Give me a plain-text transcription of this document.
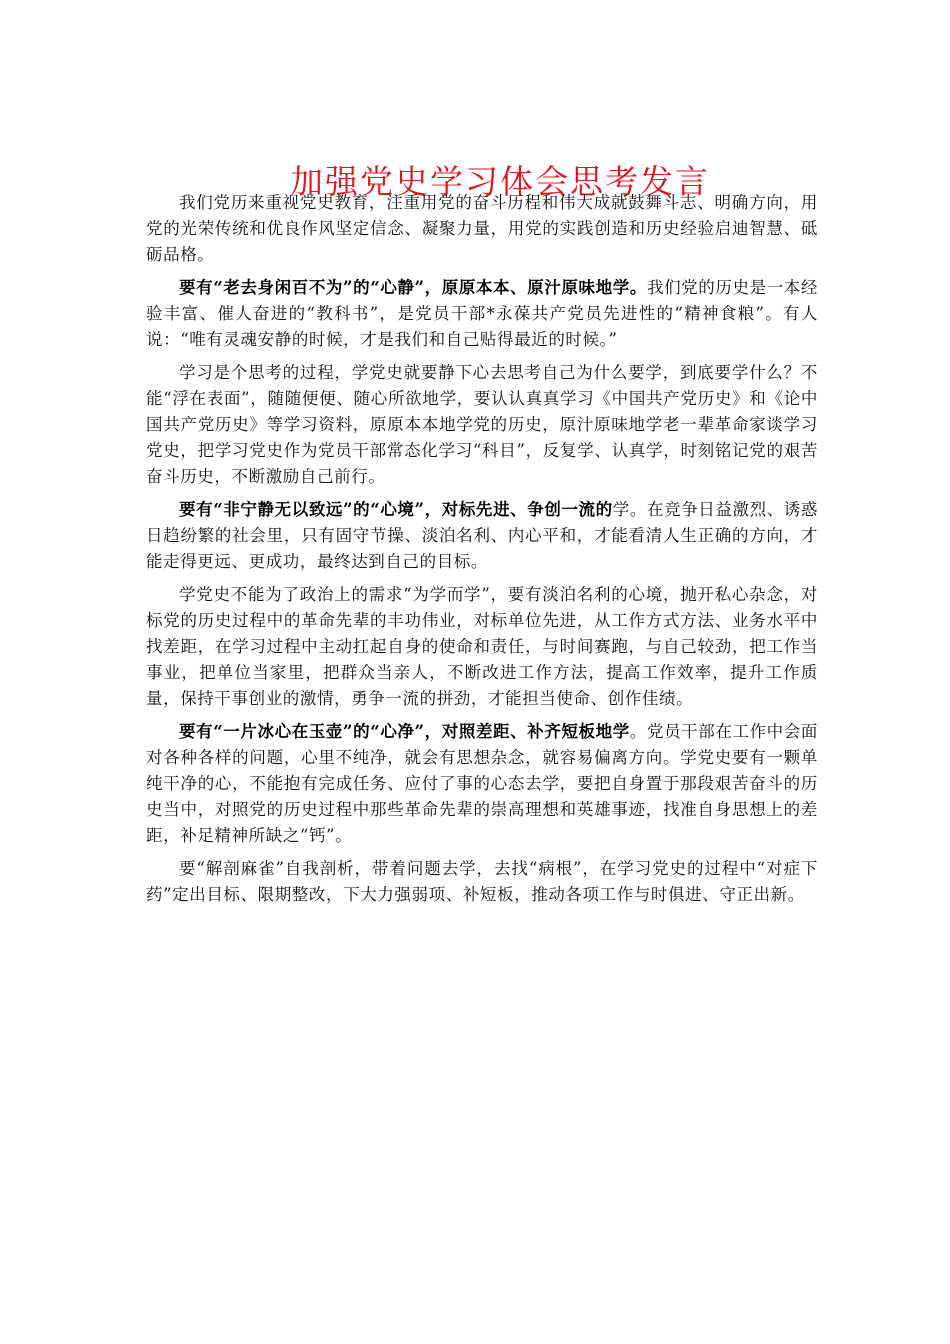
加强党史学习体会思考发言

我们党历来重视党史教育，注重用党的奋斗历程和伟大成就鼓舞斗志、明确方向，用党的光荣传统和优良作风坚定信念、凝聚力量，用党的实践创造和历史经验启迪智慧、砥砺品格。

要有“老去身闲百不为”的“心静”，原原本本、原汁原味地学。我们党的历史是一本经验丰富、催人奋进的“教科书”，是党员干部*永葆共产党员先进性的“精神食粮”。有人说：“唯有灵魂安静的时候，才是我们和自己贴得最近的时候。”

学习是个思考的过程，学党史就要静下心去思考自己为什么要学，到底要学什么？不能“浮在表面”，随随便便、随心所欲地学，要认认真真学习《中国共产党历史》和《论中国共产党历史》等学习资料，原原本本地学党的历史，原汁原味地学老一辈革命家谈学习党史，把学习党史作为党员干部常态化学习“科目”，反复学、认真学，时刻铭记党的艰苦奋斗历史，不断激励自己前行。

要有“非宁静无以致远”的“心境”，对标先进、争创一流的学。在竞争日益激烈、诱惑日趋纷繁的社会里，只有固守节操、淡泊名利、内心平和，才能看清人生正确的方向，才能走得更远、更成功，最终达到自己的目标。

学党史不能为了政治上的需求“为学而学”，要有淡泊名利的心境，抛开私心杂念，对标党的历史过程中的革命先辈的丰功伟业，对标单位先进，从工作方式方法、业务水平中找差距，在学习过程中主动扛起自身的使命和责任，与时间赛跑，与自己较劲，把工作当事业，把单位当家里，把群众当亲人，不断改进工作方法，提高工作效率，提升工作质量，保持干事创业的激情，勇争一流的拼劲，才能担当使命、创作佳绩。

要有“一片冰心在玉壶”的“心净”，对照差距、补齐短板地学。党员干部在工作中会面对各种各样的问题，心里不纯净，就会有思想杂念，就容易偏离方向。学党史要有一颗单纯干净的心，不能抱有完成任务、应付了事的心态去学，要把自身置于那段艰苦奋斗的历史当中，对照党的历史过程中那些革命先辈的崇高理想和英雄事迹，找准自身思想上的差距，补足精神所缺之“钙”。

要“解剖麻雀”自我剖析，带着问题去学，去找“病根”，在学习党史的过程中“对症下药”定出目标、限期整改，下大力强弱项、补短板，推动各项工作与时俱进、守正出新。
